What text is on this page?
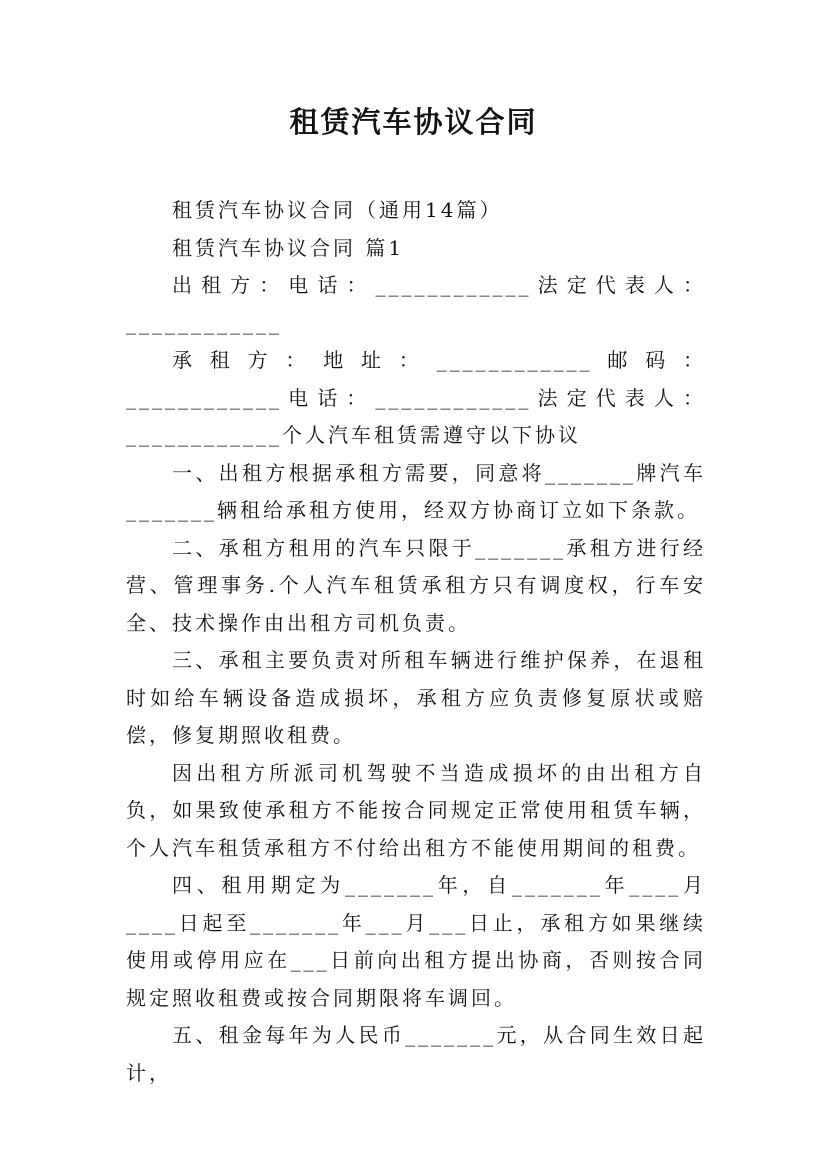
租赁汽车协议合同

租赁汽车协议合同（通用14篇）

租赁汽车协议合同 篇1

出租方：电话：____________法定代表人：____________

承租方：地址：____________邮码：____________电话：____________法定代表人：____________个人汽车租赁需遵守以下协议

一、出租方根据承租方需要，同意将_______牌汽车_______辆租给承租方使用，经双方协商订立如下条款。

二、承租方租用的汽车只限于_______承租方进行经营、管理事务.个人汽车租赁承租方只有调度权，行车安全、技术操作由出租方司机负责。

三、承租主要负责对所租车辆进行维护保养，在退租时如给车辆设备造成损坏，承租方应负责修复原状或赔偿，修复期照收租费。

因出租方所派司机驾驶不当造成损坏的由出租方自负，如果致使承租方不能按合同规定正常使用租赁车辆，个人汽车租赁承租方不付给出租方不能使用期间的租费。

四、租用期定为_______年，自_______年____月____日起至_______年___月___日止，承租方如果继续使用或停用应在___日前向出租方提出协商，否则按合同规定照收租费或按合同期限将车调回。

五、租金每年为人民币_______元，从合同生效日起计，
